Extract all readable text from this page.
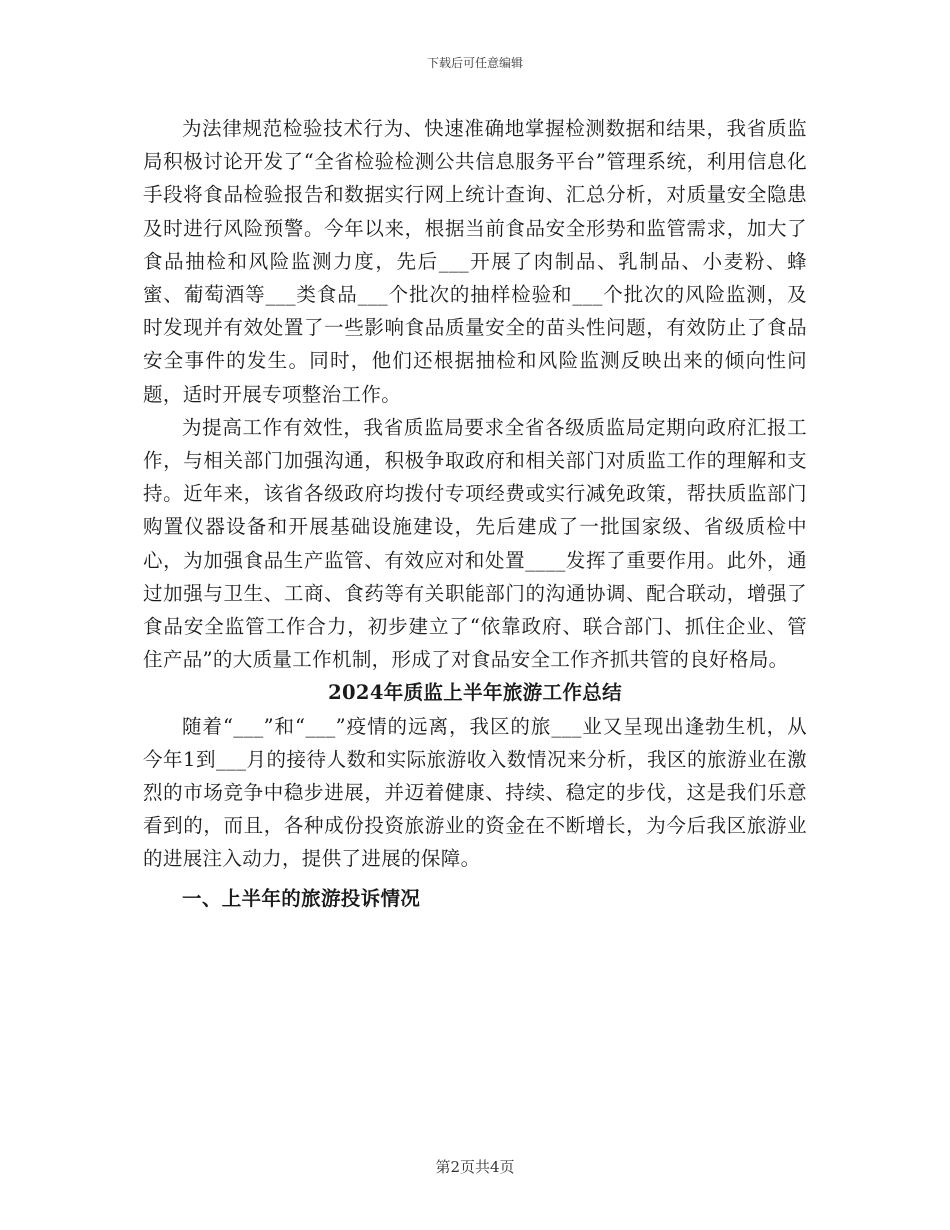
下载后可任意编辑

为法律规范检验技术行为、快速准确地掌握检测数据和结果，我省质监局积极讨论开发了“全省检验检测公共信息服务平台”管理系统，利用信息化手段将食品检验报告和数据实行网上统计查询、汇总分析，对质量安全隐患及时进行风险预警。今年以来，根据当前食品安全形势和监管需求，加大了食品抽检和风险监测力度，先后___开展了肉制品、乳制品、小麦粉、蜂蜜、葡萄酒等___类食品___个批次的抽样检验和___个批次的风险监测，及时发现并有效处置了一些影响食品质量安全的苗头性问题，有效防止了食品安全事件的发生。同时，他们还根据抽检和风险监测反映出来的倾向性问题，适时开展专项整治工作。

为提高工作有效性，我省质监局要求全省各级质监局定期向政府汇报工作，与相关部门加强沟通，积极争取政府和相关部门对质监工作的理解和支持。近年来，该省各级政府均拨付专项经费或实行减免政策，帮扶质监部门购置仪器设备和开展基础设施建设，先后建成了一批国家级、省级质检中心，为加强食品生产监管、有效应对和处置____发挥了重要作用。此外，通过加强与卫生、工商、食药等有关职能部门的沟通协调、配合联动，增强了食品安全监管工作合力，初步建立了“依靠政府、联合部门、抓住企业、管住产品”的大质量工作机制，形成了对食品安全工作齐抓共管的良好格局。

2024年质监上半年旅游工作总结

随着“___”和“___”疫情的远离，我区的旅___业又呈现出逢勃生机，从今年1到___月的接待人数和实际旅游收入数情况来分析，我区的旅游业在激烈的市场竞争中稳步进展，并迈着健康、持续、稳定的步伐，这是我们乐意看到的，而且，各种成份投资旅游业的资金在不断增长，为今后我区旅游业的进展注入动力，提供了进展的保障。

一、上半年的旅游投诉情况

第2页共4页
